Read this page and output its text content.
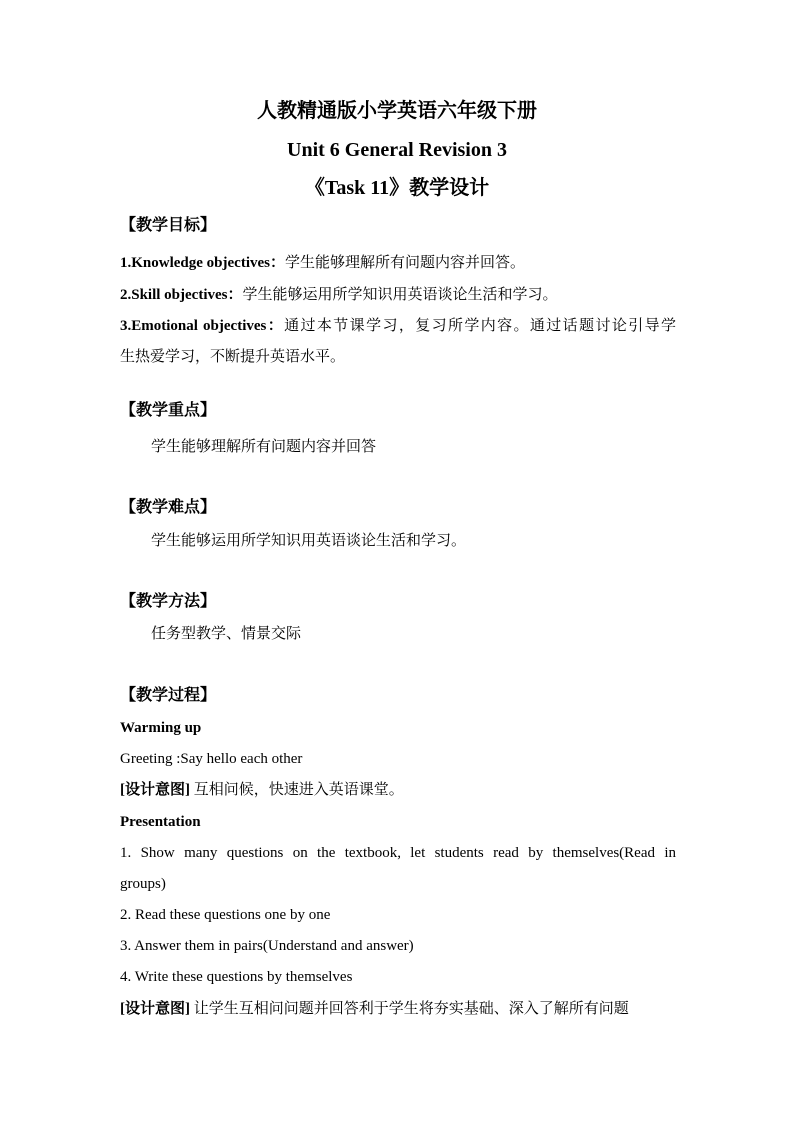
人教精通版小学英语六年级下册
Unit 6 General Revision 3
《Task 11》教学设计
【教学目标】
1.Knowledge objectives：学生能够理解所有问题内容并回答。
2.Skill objectives：学生能够运用所学知识用英语谈论生活和学习。
3.Emotional objectives：通过本节课学习，复习所学内容。通过话题讨论引导学
生热爱学习，不断提升英语水平。
【教学重点】
学生能够理解所有问题内容并回答
【教学难点】
学生能够运用所学知识用英语谈论生活和学习。
【教学方法】
任务型教学、情景交际
【教学过程】
Warming up
Greeting :Say hello each other
[设计意图] 互相问候，快速进入英语课堂。
Presentation
1. Show many questions on the textbook, let students read by themselves(Read in
groups)
2. Read these questions one by one
3. Answer them in pairs(Understand and answer)
4. Write these questions by themselves
[设计意图] 让学生互相问问题并回答利于学生将夯实基础、深入了解所有问题
